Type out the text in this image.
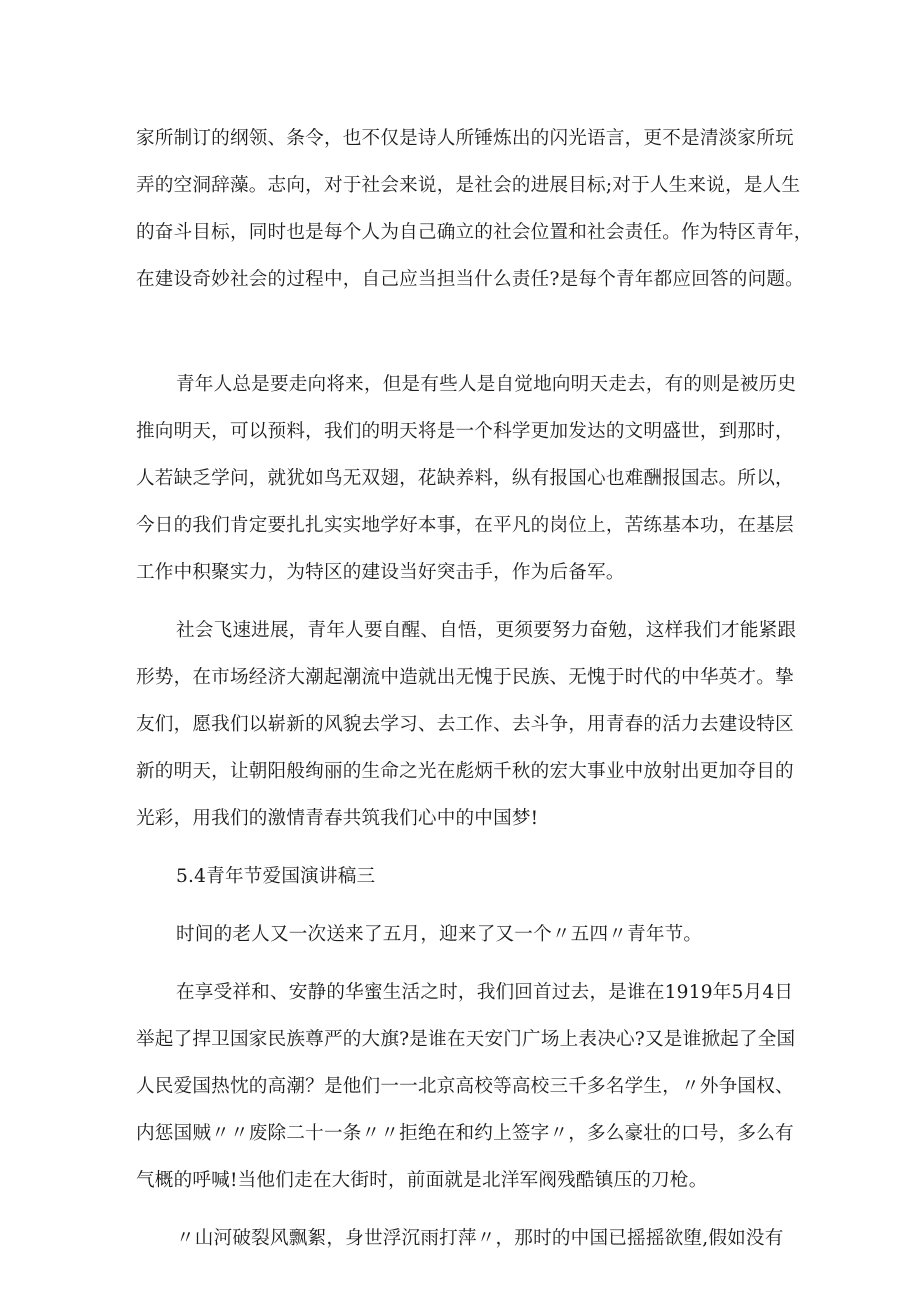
家所制订的纲领、条令，也不仅是诗人所锤炼出的闪光语言，更不是清淡家所玩
弄的空洞辞藻。志向，对于社会来说，是社会的进展目标;对于人生来说，是人生
的奋斗目标，同时也是每个人为自己确立的社会位置和社会责任。作为特区青年，
在建设奇妙社会的过程中，自己应当担当什么责任?是每个青年都应回答的问题。
青年人总是要走向将来，但是有些人是自觉地向明天走去，有的则是被历史
推向明天，可以预料，我们的明天将是一个科学更加发达的文明盛世，到那时，
人若缺乏学问，就犹如鸟无双翅，花缺养料，纵有报国心也难酬报国志。所以，
今日的我们肯定要扎扎实实地学好本事，在平凡的岗位上，苦练基本功，在基层
工作中积聚实力，为特区的建设当好突击手，作为后备军。
社会飞速进展，青年人要自醒、自悟，更须要努力奋勉，这样我们才能紧跟
形势，在市场经济大潮起潮流中造就出无愧于民族、无愧于时代的中华英才。挚
友们，愿我们以崭新的风貌去学习、去工作、去斗争，用青春的活力去建设特区
新的明天，让朝阳般绚丽的生命之光在彪炳千秋的宏大事业中放射出更加夺目的
光彩，用我们的激情青春共筑我们心中的中国梦!
5.4青年节爱国演讲稿三
时间的老人又一次送来了五月，迎来了又一个〃五四〃青年节。
在享受祥和、安静的华蜜生活之时，我们回首过去，是谁在1919年5月4日
举起了捍卫国家民族尊严的大旗?是谁在天安门广场上表决心?又是谁掀起了全国
人民爱国热忱的高潮？是他们一一北京高校等高校三千多名学生，〃外争国权、
内惩国贼〃〃废除二十一条〃〃拒绝在和约上签字〃，多么豪壮的口号，多么有
气概的呼喊!当他们走在大街时，前面就是北洋军阀残酷镇压的刀枪。
〃山河破裂风飘絮，身世浮沉雨打萍〃，那时的中国已摇摇欲堕,假如没有
